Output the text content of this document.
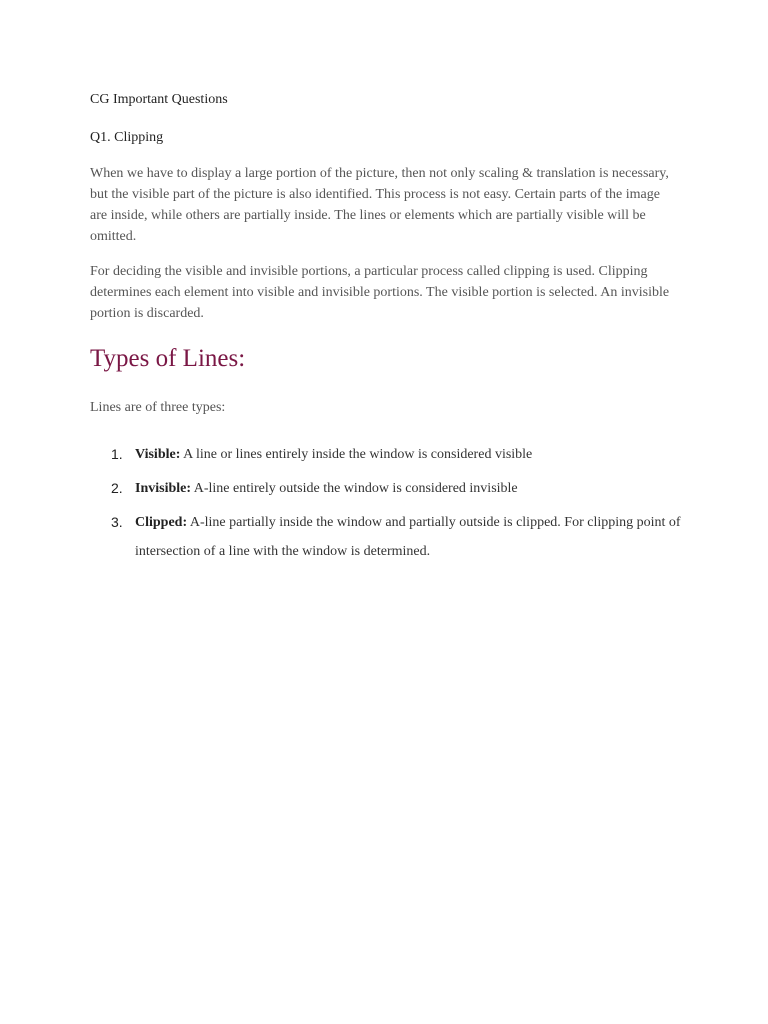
CG Important Questions

Q1. Clipping

When we have to display a large portion of the picture, then not only scaling & translation is necessary, but the visible part of the picture is also identified. This process is not easy. Certain parts of the image are inside, while others are partially inside. The lines or elements which are partially visible will be omitted.

For deciding the visible and invisible portions, a particular process called clipping is used. Clipping determines each element into visible and invisible portions. The visible portion is selected. An invisible portion is discarded.

Types of Lines:

Lines are of three types:

1. Visible: A line or lines entirely inside the window is considered visible
2. Invisible: A-line entirely outside the window is considered invisible
3. Clipped: A-line partially inside the window and partially outside is clipped. For clipping point of intersection of a line with the window is determined.
